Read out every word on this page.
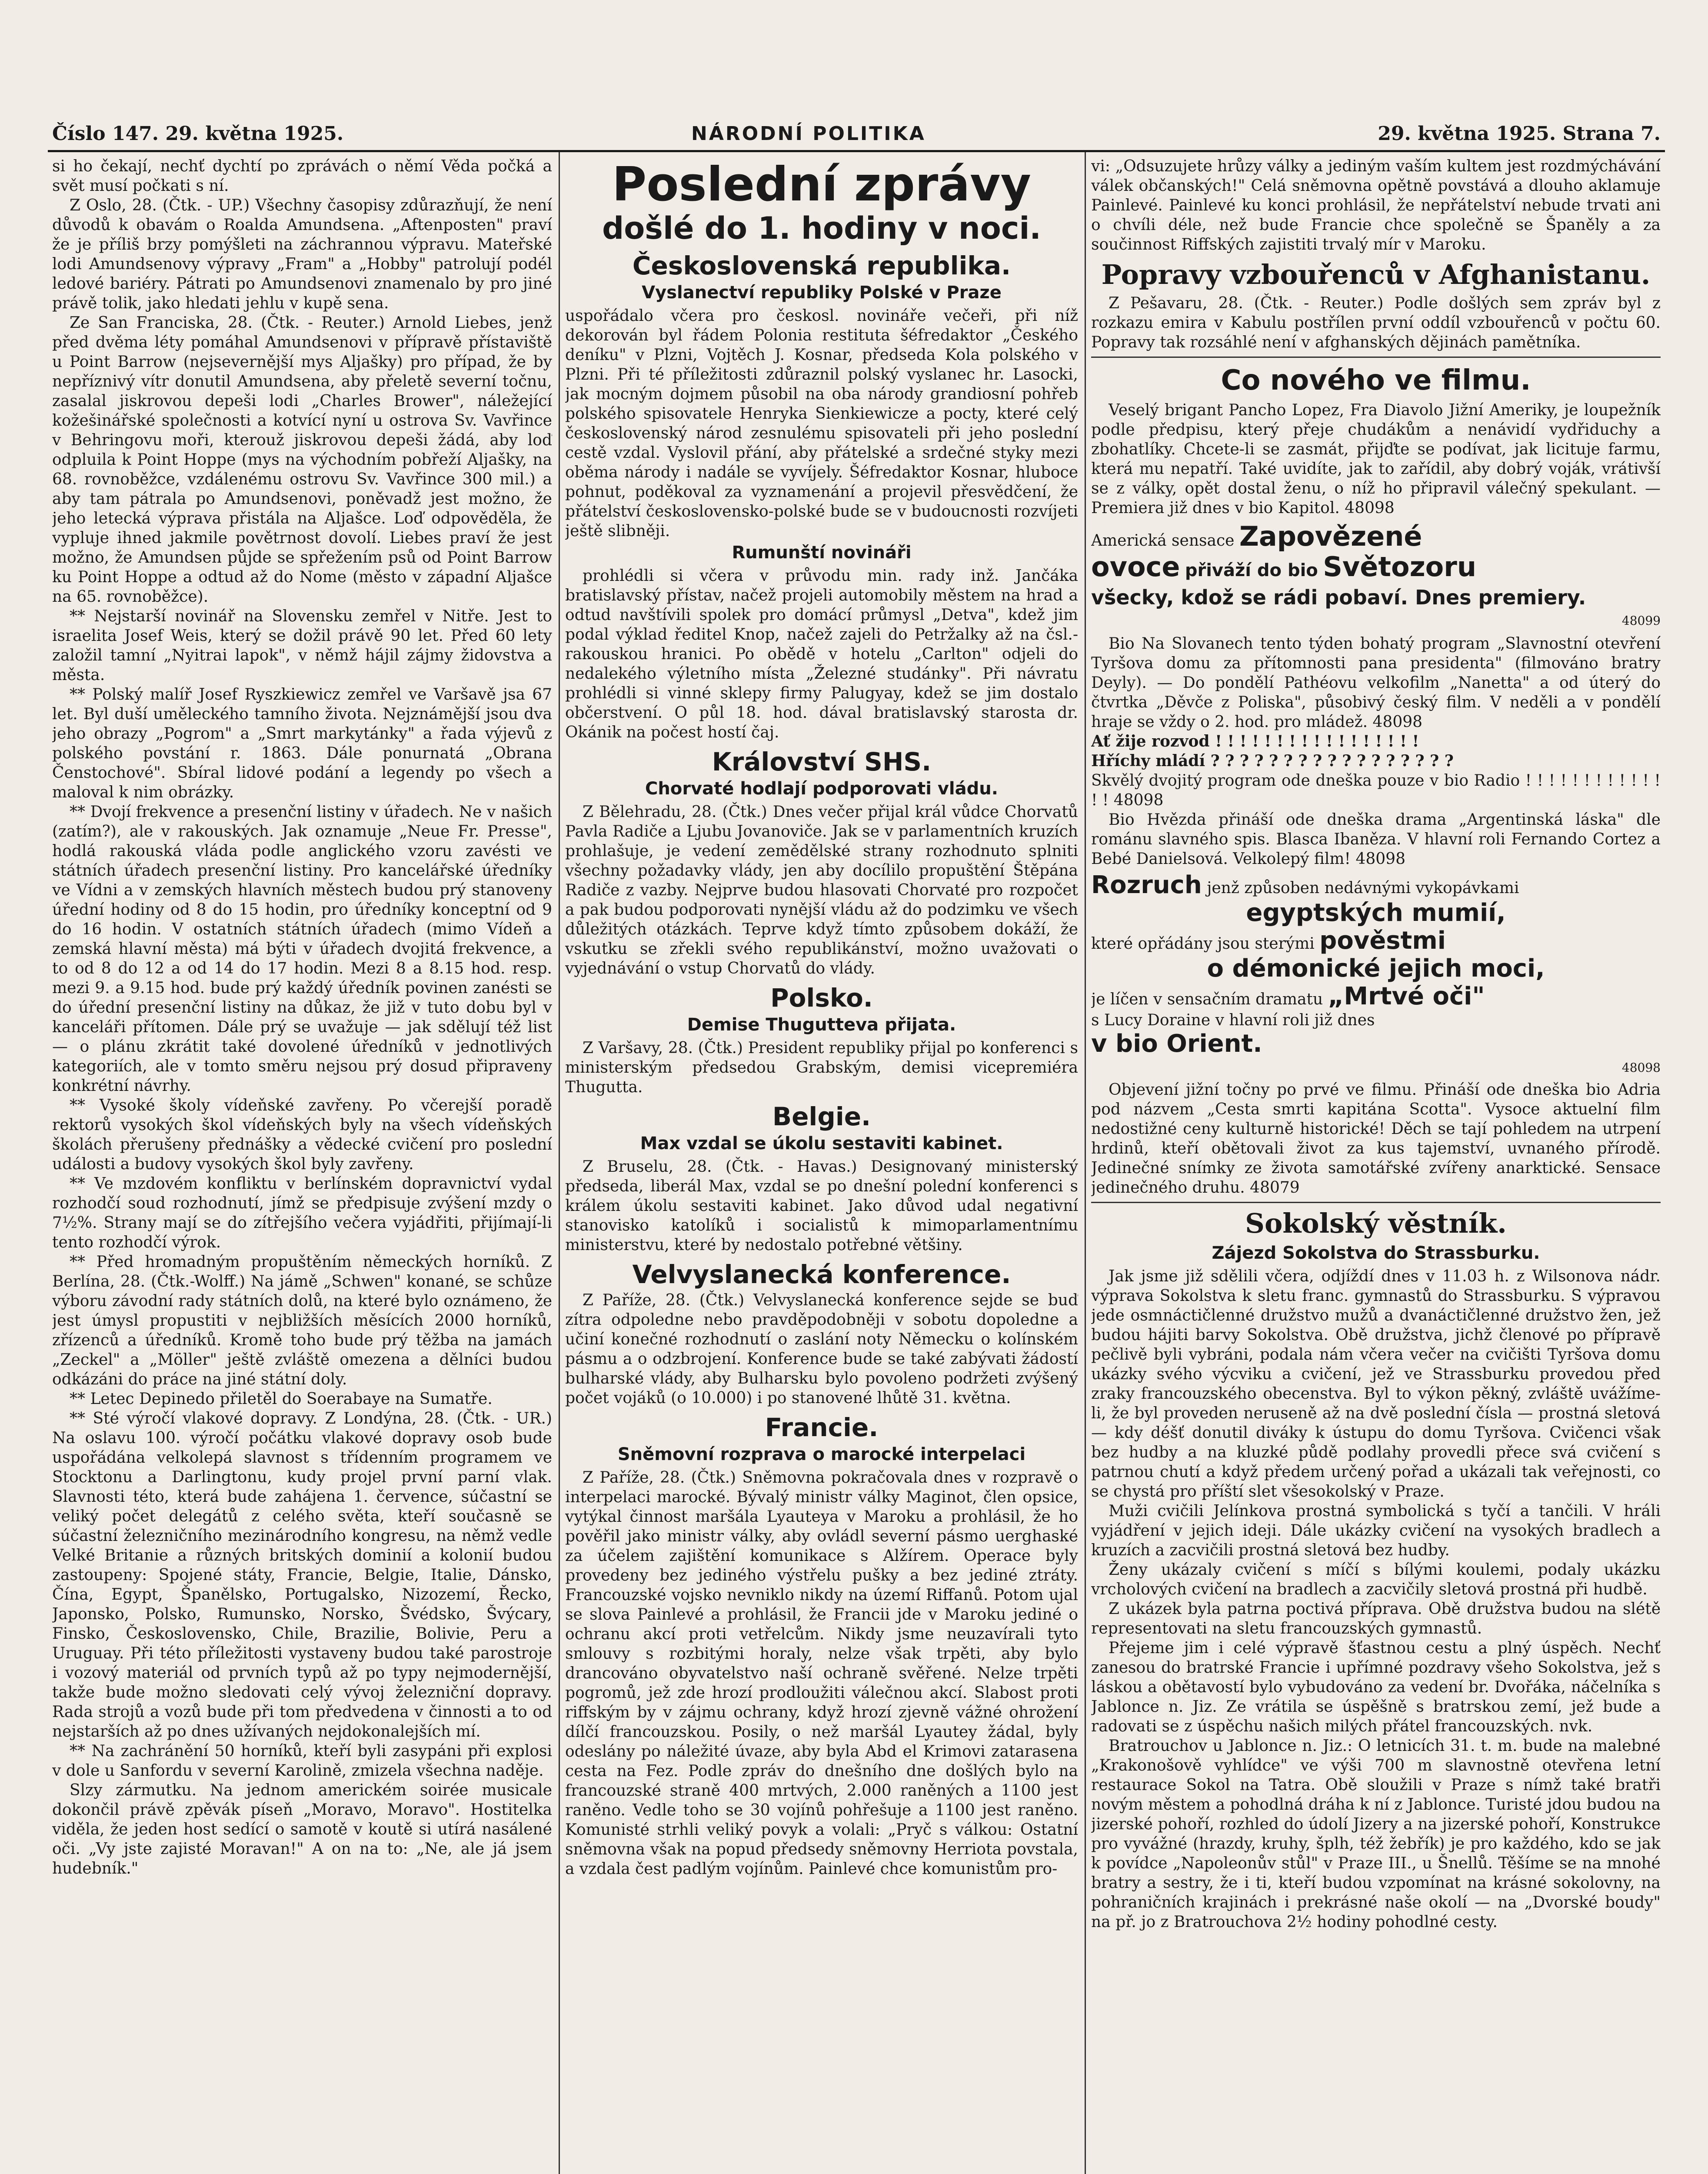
Číslo 147. 29. května 1925.	NÁRODNÍ POLITIKA	29. května 1925. Strana 7.

si ho čekají, nechť dychtí po zprávách o němí Věda počká a svět musí počkati s ní.

Z Oslo, 28. (Čtk. - UP.) Všechny časopisy zdůrazňují, že není důvodů k obavám o Roalda Amundsena. „Aftenposten" praví že je příliš brzy pomýšleti na záchrannou výpravu. Mateřské lodi Amundsenovy výpravy „Fram" a „Hobby" patrolují podél ledové bariéry. Pátrati po Amundsenovi znamenalo by pro jiné právě tolik, jako hledati jehlu v kupě sena.

Ze San Franciska, 28. (Čtk. - Reuter.) Arnold Liebes, jenž před dvěma léty pomáhal Amundsenovi v přípravě přístaviště u Point Barrow (nejsevernější mys Aljašky) pro případ, že by nepříznivý vítr donutil Amundsena, aby přeletě severní točnu, zasalal jiskrovou depeši lodi „Charles Brower", náležející kožešinářské společnosti a kotvící nyní u ostrova Sv. Vavřince v Behringovu moři, kterouž jiskrovou depeši žádá, aby loď odpluila k Point Hoppe (mys na východním pobřeží Aljašky, na 68. rovnoběžce, vzdálenému ostrovu Sv. Vavřince 300 mil.) a aby tam pátrala po Amundsenovi, poněvadž jest možno, že jeho letecká výprava přistála na Aljašce. Loď odpověděla, že vypluje ihned jakmile povětrnost dovolí. Liebes praví že jest možno, že Amundsen půjde se spřežením psů od Point Barrow ku Point Hoppe a odtud až do Nome (město v západní Aljašce na 65. rovnoběžce).

** Nejstarší novinář na Slovensku zemřel v Nitře. Jest to israelita Josef Weis, který se dožil právě 90 let. Před 60 lety založil tamní „Nyitrai lapok", v němž hájil zájmy židovstva a města.

** Polský malíř Josef Ryszkiewicz zemřel ve Varšavě jsa 67 let. Byl duší uměleckého tamního života. Nejznámější jsou dva jeho obrazy „Pogrom" a „Smrt markytánky" a řada výjevů z polského povstání r. 1863. Dále ponurnatá „Obrana Čenstochové". Sbíral lidové podání a legendy po všech a maloval k nim obrázky.

** Dvojí frekvence a presenční listiny v úřadech. Ne v našich (zatím?), ale v rakouských. Jak oznamuje „Neue Fr. Presse", hodlá rakouská vláda podle anglického vzoru zavésti ve státních úřadech presenční listiny. Pro kancelářské úředníky ve Vídni a v zemských hlavních městech budou prý stanoveny úřední hodiny od 8 do 15 hodin, pro úředníky konceptní od 9 do 16 hodin. V ostatních státních úřadech (mimo Vídeň a zemská hlavní města) má býti v úřadech dvojitá frekvence, a to od 8 do 12 a od 14 do 17 hodin. Mezi 8 a 8.15 hod. resp. mezi 9. a 9.15 hod. bude prý každý úředník povinen zanésti se do úřední presenční listiny na důkaz, že již v tuto dobu byl v kanceláři přítomen. Dále prý se uvažuje — jak sdělují též list — o plánu zkrátit také dovolené úředníků v jednotlivých kategoriích, ale v tomto směru nejsou prý dosud připraveny konkrétní návrhy.

** Vysoké školy vídeňské zavřeny. Po včerejší poradě rektorů vysokých škol vídeňských byly na všech vídeňských školách přerušeny přednášky a vědecké cvičení pro poslední události a budovy vysokých škol byly zavřeny.

** Ve mzdovém konfliktu v berlínském dopravnictví vydal rozhodčí soud rozhodnutí, jímž se předpisuje zvýšení mzdy o 7½%. Strany mají se do zítřejšího večera vyjádřiti, přijímají-li tento rozhodčí výrok.

** Před hromadným propuštěním německých horníků. Z Berlína, 28. (Čtk.-Wolff.) Na jámě „Schwen" konané, se schůze výboru závodní rady státních dolů, na které bylo oznámeno, že jest úmysl propustiti v nejbližších měsících 2000 horníků, zřízenců a úředníků. Kromě toho bude prý těžba na jamách „Zeckel" a „Möller" ještě zvláště omezena a dělníci budou odkázáni do práce na jiné státní doly.

** Letec Depinedo přiletěl do Soerabaye na Sumatře.

** Sté výročí vlakové dopravy. Z Londýna, 28. (Čtk. - UR.) Na oslavu 100. výročí počátku vlakové dopravy osob bude uspořádána velkolepá slavnost s třídenním programem ve Stocktonu a Darlingtonu, kudy projel první parní vlak. Slavnosti této, která bude zahájena 1. července, súčastní se veliký počet delegátů z celého světa, kteří současně se súčastní železničního mezinárodního kongresu, na němž vedle Velké Britanie a různých britských dominií a kolonií budou zastoupeny: Spojené státy, Francie, Belgie, Italie, Dánsko, Čína, Egypt, Španělsko, Portugalsko, Nizozemí, Řecko, Japonsko, Polsko, Rumunsko, Norsko, Švédsko, Švýcary, Finsko, Československo, Chile, Brazilie, Bolivie, Peru a Uruguay. Při této příležitosti vystaveny budou také parostroje i vozový materiál od prvních typů až po typy nejmodernější, takže bude možno sledovati celý vývoj železniční dopravy. Rada strojů a vozů bude při tom předvedena v činnosti a to od nejstarších až po dnes užívaných nejdokonalejších mí.

** Na zachránění 50 horníků, kteří byli zasypáni při explosi v dole u Sanfordu v severní Karolině, zmizela všechna naděje.

Slzy zármutku. Na jednom americkém soirée musicale dokončil právě zpěvák píseň „Moravo, Moravo". Hostitelka viděla, že jeden host sedící o samotě v koutě si utírá nasálené oči. „Vy jste zajisté Moravan!" A on na to: „Ne, ale já jsem hudebník."

Poslední zprávy
došlé do 1. hodiny v noci.
Československá republika.
Vyslanectví republiky Polské v Praze

uspořádalo včera pro českosl. novináře večeři, při níž dekorován byl řádem Polonia restituta šéfredaktor „Českého deníku" v Plzni, Vojtěch J. Kosnar, předseda Kola polského v Plzni. Při té příležitosti zdůraznil polský vyslanec hr. Lasocki, jak mocným dojmem působil na oba národy grandiosní pohřeb polského spisovatele Henryka Sienkiewicze a pocty, které celý československý národ zesnulému spisovateli při jeho poslední cestě vzdal. Vyslovil přání, aby přátelské a srdečné styky mezi oběma národy i nadále se vyvíjely. Šéfredaktor Kosnar, hluboce pohnut, poděkoval za vyznamenání a projevil přesvědčení, že přátelství československo-polské bude se v budoucnosti rozvíjeti ještě slibněji.

Rumunští novináři

prohlédli si včera v průvodu min. rady inž. Jančáka bratislavský přístav, načež projeli automobily městem na hrad a odtud navštívili spolek pro domácí průmysl „Detva", kdež jim podal výklad ředitel Knop, načež zajeli do Petržalky až na čsl.-rakouskou hranici. Po obědě v hotelu „Carlton" odjeli do nedalekého výletního místa „Železné studánky". Při návratu prohlédli si vinné sklepy firmy Palugyay, kdež se jim dostalo občerstvení. O půl 18. hod. dával bratislavský starosta dr. Okánik na počest hostí čaj.

Království SHS.
Chorvaté hodlají podporovati vládu.

Z Bělehradu, 28. (Čtk.) Dnes večer přijal král vůdce Chorvatů Pavla Radiče a Ljubu Jovanoviče. Jak se v parlamentních kruzích prohlašuje, je vedení zemědělské strany rozhodnuto splniti všechny požadavky vlády, jen aby docílilo propuštění Štěpána Radiče z vazby. Nejprve budou hlasovati Chorvaté pro rozpočet a pak budou podporovati nynější vládu až do podzimku ve všech důležitých otázkách. Teprve když tímto způsobem dokáží, že vskutku se zřekli svého republikánství, možno uvažovati o vyjednávání o vstup Chorvatů do vlády.

Polsko.
Demise Thugutteva přijata.

Z Varšavy, 28. (Čtk.) President republiky přijal po konferenci s ministerským předsedou Grabským, demisi vicepremiéra Thugutta.

Belgie.
Max vzdal se úkolu sestaviti kabinet.

Z Bruselu, 28. (Čtk. - Havas.) Designovaný ministerský předseda, liberál Max, vzdal se po dnešní polední konferenci s králem úkolu sestaviti kabinet. Jako důvod udal negativní stanovisko katolíků i socialistů k mimoparlamentnímu ministerstvu, které by nedostalo potřebné většiny.

Velvyslanecká konference.

Z Paříže, 28. (Čtk.) Velvyslanecká konference sejde se buď zítra odpoledne nebo pravděpodobněji v sobotu dopoledne a učiní konečné rozhodnutí o zaslání noty Německu o kolínském pásmu a o odzbrojení. Konference bude se také zabývati žádostí bulharské vlády, aby Bulharsku bylo povoleno podržeti zvýšený počet vojáků (o 10.000) i po stanovené lhůtě 31. května.

Francie.
Sněmovní rozprava o marocké interpelaci

Z Paříže, 28. (Čtk.) Sněmovna pokračovala dnes v rozpravě o interpelaci marocké. Bývalý ministr války Maginot, člen opsice, vytýkal činnost maršála Lyauteya v Maroku a prohlásil, že ho pověřil jako ministr války, aby ovládl severní pásmo uerghaské za účelem zajištění komunikace s Alžírem. Operace byly provedeny bez jediného výstřelu pušky a bez jediné ztráty. Francouzské vojsko nevniklo nikdy na území Riffanů. Potom ujal se slova Painlevé a prohlásil, že Francii jde v Maroku jediné o ochranu akcí proti vetřelcům. Nikdy jsme neuzavírali tyto smlouvy s rozbitými horaly, nelze však trpěti, aby bylo drancováno obyvatelstvo naší ochraně svěřené. Nelze trpěti pogromů, jež zde hrozí prodloužiti válečnou akcí. Slabost proti riffským by v zájmu ochrany, když hrozí zjevně vážné ohrožení dílčí francouzskou. Posily, o než maršál Lyautey žádal, byly odeslány po náležité úvaze, aby byla Abd el Krimovi zatarasena cesta na Fez. Podle zpráv do dnešního dne došlých bylo na francouzské straně 400 mrtvých, 2.000 raněných a 1100 jest raněno. Vedle toho se 30 vojínů pohřešuje a 1100 jest raněno. Komunisté strhli veliký povyk a volali: „Pryč s válkou: Ostatní sněmovna však na popud předsedy sněmovny Herriota povstala, a vzdala čest padlým vojínům. Painlevé chce komunistům pro-

vi: „Odsuzujete hrůzy války a jediným vaším kultem jest rozdmýchávání válek občanských!" Celá sněmovna opětně povstává a dlouho aklamuje Painlevé. Painlevé ku konci prohlásil, že nepřátelství nebude trvati ani o chvíli déle, než bude Francie chce společně se Španěly a za součinnost Riffských zajistiti trvalý mír v Maroku.

Popravy vzbouřenců v Afghanistanu.

Z Pešavaru, 28. (Čtk. - Reuter.) Podle došlých sem zpráv byl z rozkazu emira v Kabulu postřílen první oddíl vzbouřenců v počtu 60. Popravy tak rozsáhlé není v afghanských dějinách pamětníka.

Co nového ve filmu.

Veselý brigant Pancho Lopez, Fra Diavolo Jižní Ameriky, je loupežník podle předpisu, který přeje chudákům a nenávidí vydřiduchy a zbohatlíky. Chcete-li se zasmát, přijďte se podívat, jak licituje farmu, která mu nepatří. Také uvidíte, jak to zařídil, aby dobrý voják, vrátivší se z války, opět dostal ženu, o níž ho připravil válečný spekulant. — Premiera již dnes v bio Kapitol. 48098

Americká sensace Zapovězené
ovoce přiváží do bio Světozoru
všecky, kdož se rádi pobaví. Dnes premiery.
48099

Bio Na Slovanech tento týden bohatý program „Slavnostní otevření Tyršova domu za přítomnosti pana presidenta" (filmováno bratry Deyly). — Do pondělí Pathéovu velkofilm „Nanetta" a od úterý do čtvrtka „Děvče z Poliska", působivý český film. V neděli a v pondělí hraje se vždy o 2. hod. pro mládež. 48098

Ať žije rozvod ! ! ! ! ! ! ! ! ! ! ! ! ! ! ! ! !
Hříchy mládí ? ? ? ? ? ? ? ? ? ? ? ? ? ? ? ? ?

Skvělý dvojitý program ode dneška pouze v bio Radio ! ! ! ! ! ! ! ! ! ! ! ! ! ! 48098

Bio Hvězda přináší ode dneška drama „Argentinská láska" dle románu slavného spis. Blasca Ibaněza. V hlavní roli Fernando Cortez a Bebé Danielsová. Velkolepý film! 48098

Rozruch jenž způsoben nedávnými vykopávkami
egyptských mumií,
které opřádány jsou sterými pověstmi
o démonické jejich moci,
je líčen v sensačním dramatu „Mrtvé oči"
s Lucy Doraine v hlavní roli již dnes
v bio Orient.
48098

Objevení jižní točny po prvé ve filmu. Přináší ode dneška bio Adria pod názvem „Cesta smrti kapitána Scotta". Vysoce aktuelní film nedostižné ceny kulturně historické! Děch se tají pohledem na utrpení hrdinů, kteří obětovali život za kus tajemství, uvnaného přírodě. Jedinečné snímky ze života samotářské zvířeny anarktické. Sensace jedinečného druhu. 48079

Sokolský věstník.
Zájezd Sokolstva do Strassburku.

Jak jsme již sdělili včera, odjíždí dnes v 11.03 h. z Wilsonova nádr. výprava Sokolstva k sletu franc. gymnastů do Strassburku. S výpravou jede osmnáctičlenné družstvo mužů a dvanáctičlenné družstvo žen, jež budou hájiti barvy Sokolstva. Obě družstva, jichž členové po přípravě pečlivě byli vybráni, podala nám včera večer na cvičišti Tyršova domu ukázky svého výcviku a cvičení, jež ve Strassburku provedou před zraky francouzského obecenstva. Byl to výkon pěkný, zvláště uvážíme-li, že byl proveden neruseně až na dvě poslední čísla — prostná sletová — kdy déšť donutil diváky k ústupu do domu Tyršova. Cvičenci však bez hudby a na kluzké půdě podlahy provedli přece svá cvičení s patrnou chutí a když předem určený pořad a ukázali tak veřejnosti, co se chystá pro příští slet všesokolský v Praze.

Muži cvičili Jelínkova prostná symbolická s tyčí a tančili. V hráli vyjádření v jejich ideji. Dále ukázky cvičení na vysokých bradlech a kruzích a zacvičili prostná sletová bez hudby.

Ženy ukázaly cvičení s míčí s bílými koulemi, podaly ukázku vrcholových cvičení na bradlech a zacvičily sletová prostná při hudbě.

Z ukázek byla patrna poctivá příprava. Obě družstva budou na slétě representovati na sletu francouzských gymnastů.

Přejeme jim i celé výpravě šťastnou cestu a plný úspěch. Nechť zanesou do bratrské Francie i upřímné pozdravy všeho Sokolstva, jež s láskou a obětavostí bylo vybudováno za vedení br. Dvořáka, náčelníka s Jablonce n. Jiz. Ze vrátila se úspěšně s bratrskou zemí, jež bude a radovati se z úspěchu našich milých přátel francouzských. nvk.

Bratrouchov u Jablonce n. Jiz.: O letnicích 31. t. m. bude na malebné „Krakonošově vyhlídce" ve výši 700 m slavnostně otevřena letní restaurace Sokol na Tatra. Obě sloužili v Praze s nímž také bratři novým městem a pohodlná dráha k ní z Jablonce. Turisté jdou budou na jizerské pohoří, rozhled do údolí Jizery a na jizerské pohoří, Konstrukce pro vyvážné (hrazdy, kruhy, šplh, též žebřík) je pro každého, kdo se jak k povídce „Napoleonův stůl" v Praze III., u Šnellů. Těšíme se na mnohé bratry a sestry, že i ti, kteří budou vzpomínat na krásné sokolovny, na pohraničních krajinách i prekrásné naše okolí — na „Dvorské boudy" na př. jo z Bratrouchova 2½ hodiny pohodlné cesty.
